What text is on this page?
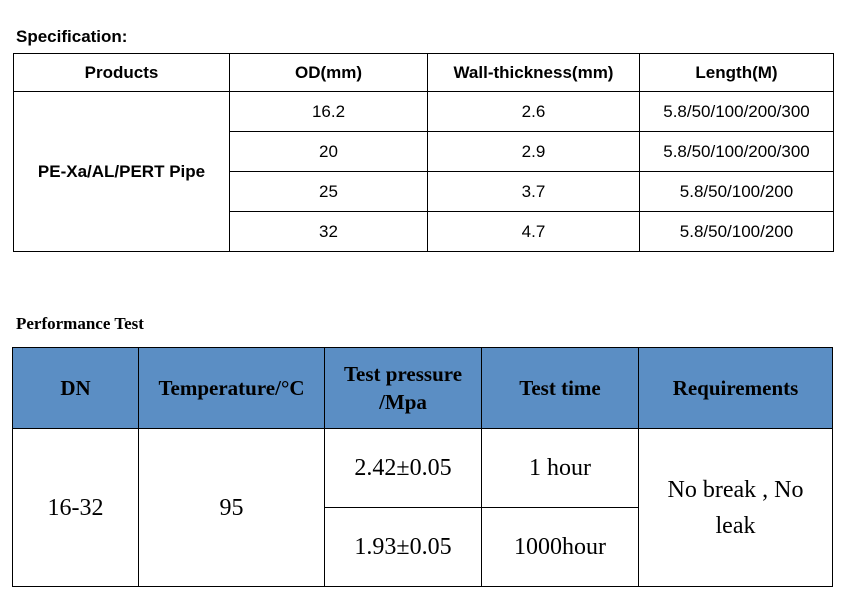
Specification:
Products	OD(mm)	Wall-thickness(mm)	Length(M)
PE-Xa/AL/PERT Pipe	16.2	2.6	5.8/50/100/200/300
	20	2.9	5.8/50/100/200/300
	25	3.7	5.8/50/100/200
	32	4.7	5.8/50/100/200
Performance Test
DN	Temperature/°C	Test pressure /Mpa	Test time	Requirements
16-32	95	2.42±0.05	1 hour	No break , No leak
		1.93±0.05	1000hour	
